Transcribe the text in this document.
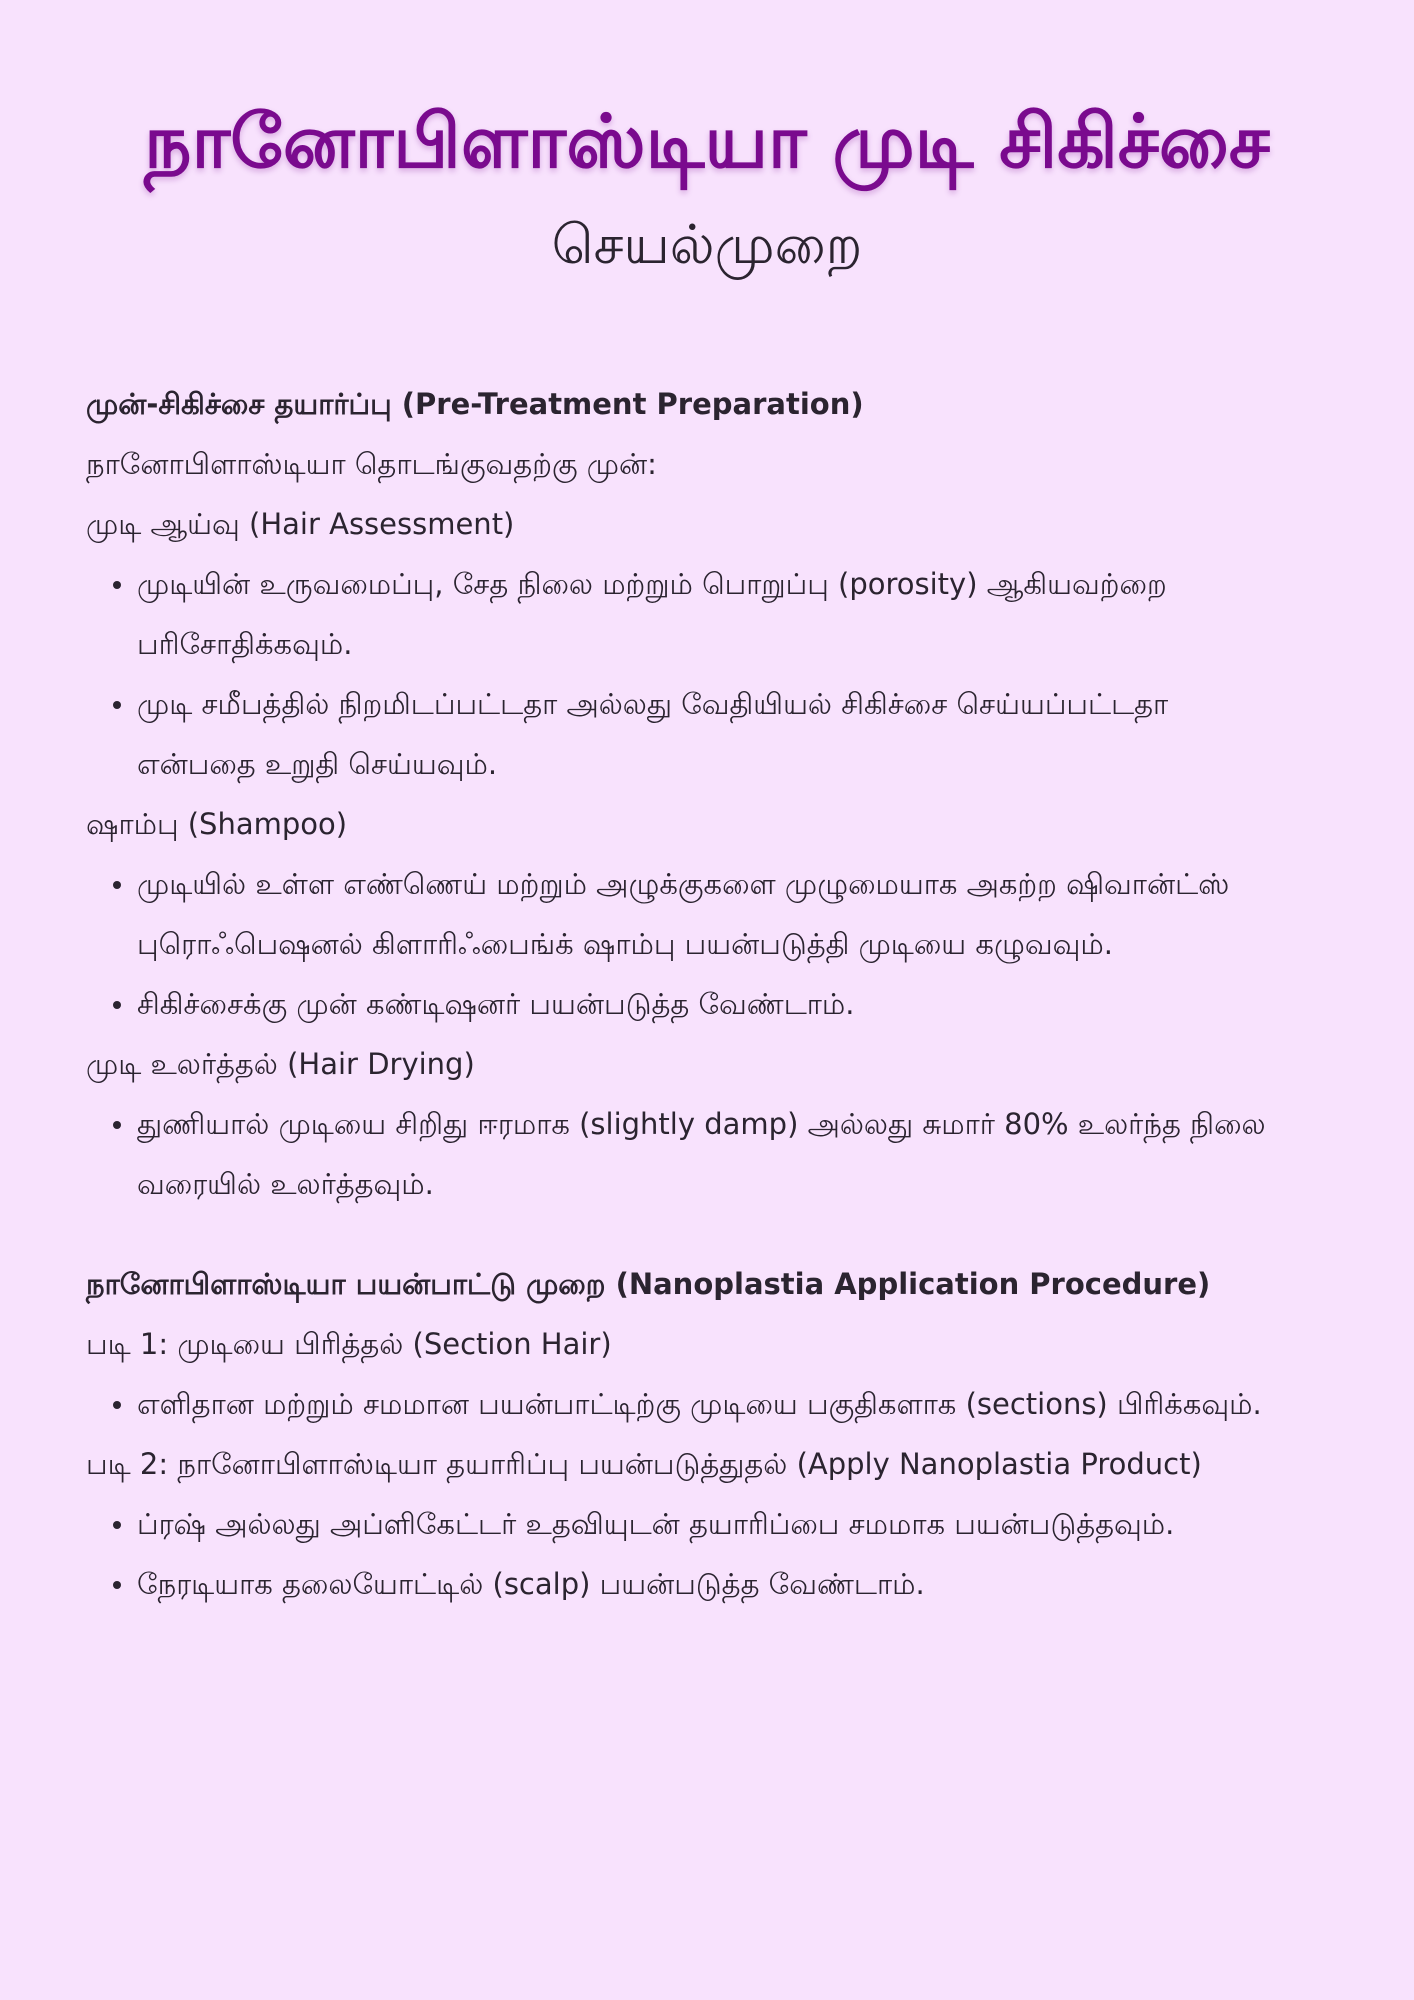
நானோபிளாஸ்டியா முடி சிகிச்சை
செயல்முறை

முன்-சிகிச்சை தயார்ப்பு (Pre-Treatment Preparation)

நானோபிளாஸ்டியா தொடங்குவதற்கு முன்:

முடி ஆய்வு (Hair Assessment)

முடியின் உருவமைப்பு, சேத நிலை மற்றும் பொறுப்பு (porosity) ஆகியவற்றை பரிசோதிக்கவும்.
முடி சமீபத்தில் நிறமிடப்பட்டதா அல்லது வேதியியல் சிகிச்சை செய்யப்பட்டதா என்பதை உறுதி செய்யவும்.

ஷாம்பு (Shampoo)

முடியில் உள்ள எண்ணெய் மற்றும் அழுக்குகளை முழுமையாக அகற்ற ஷிவான்ட்ஸ் புரொஃபெஷனல் கிளாரிஃபைங்க் ஷாம்பு பயன்படுத்தி முடியை கழுவவும்.
சிகிச்சைக்கு முன் கண்டிஷனர் பயன்படுத்த வேண்டாம்.

முடி உலர்த்தல் (Hair Drying)

துணியால் முடியை சிறிது ஈரமாக (slightly damp) அல்லது சுமார் 80% உலர்ந்த நிலை வரையில் உலர்த்தவும்.

நானோபிளாஸ்டியா பயன்பாட்டு முறை (Nanoplastia Application Procedure)

படி 1: முடியை பிரித்தல் (Section Hair)

எளிதான மற்றும் சமமான பயன்பாட்டிற்கு முடியை பகுதிகளாக (sections) பிரிக்கவும்.

படி 2: நானோபிளாஸ்டியா தயாரிப்பு பயன்படுத்துதல் (Apply Nanoplastia Product)

ப்ரஷ் அல்லது அப்ளிகேட்டர் உதவியுடன் தயாரிப்பை சமமாக பயன்படுத்தவும்.
நேரடியாக தலையோட்டில் (scalp) பயன்படுத்த வேண்டாம்.
